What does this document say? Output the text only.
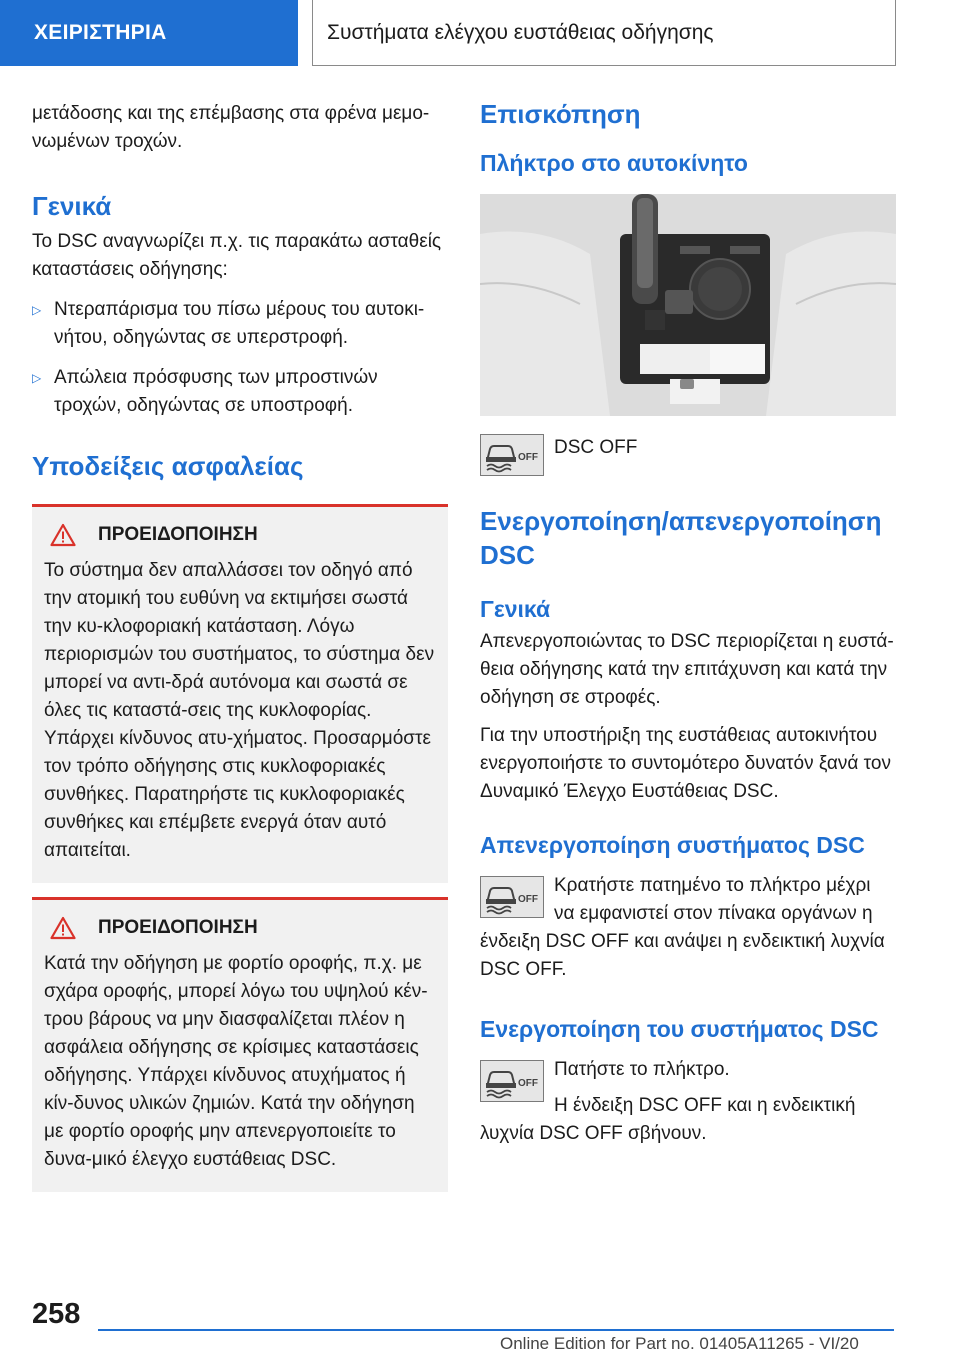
ΧΕΙΡΙΣΤΗΡΙΑ	Συστήματα ελέγχου ευστάθειας οδήγησης

μετάδοσης και της επέμβασης στα φρένα μεμο-νωμένων τροχών.

Γενικά

Το DSC αναγνωρίζει π.χ. τις παρακάτω ασταθείς καταστάσεις οδήγησης:

▷ Ντεραπάρισμα του πίσω μέρους του αυτοκι-νήτου, οδηγώντας σε υπερστροφή.
▷ Απώλεια πρόσφυσης των μπροστινών τροχών, οδηγώντας σε υποστροφή.
Υποδείξεις ασφαλείας
ΠΡΟΕΙΔΟΠΟΙΗΣΗ

Το σύστημα δεν απαλλάσσει τον οδηγό από την ατομική του ευθύνη να εκτιμήσει σωστά την κυ-κλοφοριακή κατάσταση. Λόγω περιορισμών του συστήματος, το σύστημα δεν μπορεί να αντι-δρά αυτόνομα και σωστά σε όλες τις καταστά-σεις της κυκλοφορίας. Υπάρχει κίνδυνος ατυ-χήματος. Προσαρμόστε τον τρόπο οδήγησης στις κυκλοφοριακές συνθήκες. Παρατηρήστε τις κυκλοφοριακές συνθήκες και επέμβετε ενεργά όταν αυτό απαιτείται.

ΠΡΟΕΙΔΟΠΟΙΗΣΗ

Κατά την οδήγηση με φορτίο οροφής, π.χ. με σχάρα οροφής, μπορεί λόγω του υψηλού κέν-τρου βάρους να μην διασφαλίζεται πλέον η ασφάλεια οδήγησης σε κρίσιμες καταστάσεις οδήγησης. Υπάρχει κίνδυνος ατυχήματος ή κίν-δυνος υλικών ζημιών. Κατά την οδήγηση με φορτίο οροφής μην απενεργοποιείτε το δυνα-μικό έλεγχο ευστάθειας DSC.

Επισκόπηση
Πλήκτρο στο αυτοκίνητο
OFF DSC OFF

Ενεργοποίηση/απενεργοποίηση DSC
Γενικά

Απενεργοποιώντας το DSC περιορίζεται η ευστά-θεια οδήγησης κατά την επιτάχυνση και κατά την οδήγηση σε στροφές.

Για την υποστήριξη της ευστάθειας αυτοκινήτου ενεργοποιήστε το συντομότερο δυνατόν ξανά τον Δυναμικό Έλεγχο Ευστάθειας DSC.

Απενεργοποίηση συστήματος DSC
OFF

Κρατήστε πατημένο το πλήκτρο μέχρι να εμφανιστεί στον πίνακα οργάνων η ένδειξη DSC OFF και ανάψει η ενδεικτική λυχνία DSC OFF.

Ενεργοποίηση του συστήματος DSC
OFF

Πατήστε το πλήκτρο.

Η ένδειξη DSC OFF και η ενδεικτική λυχνία DSC OFF σβήνουν.

258
Online Edition for Part no. 01405A11265 - VI/20
